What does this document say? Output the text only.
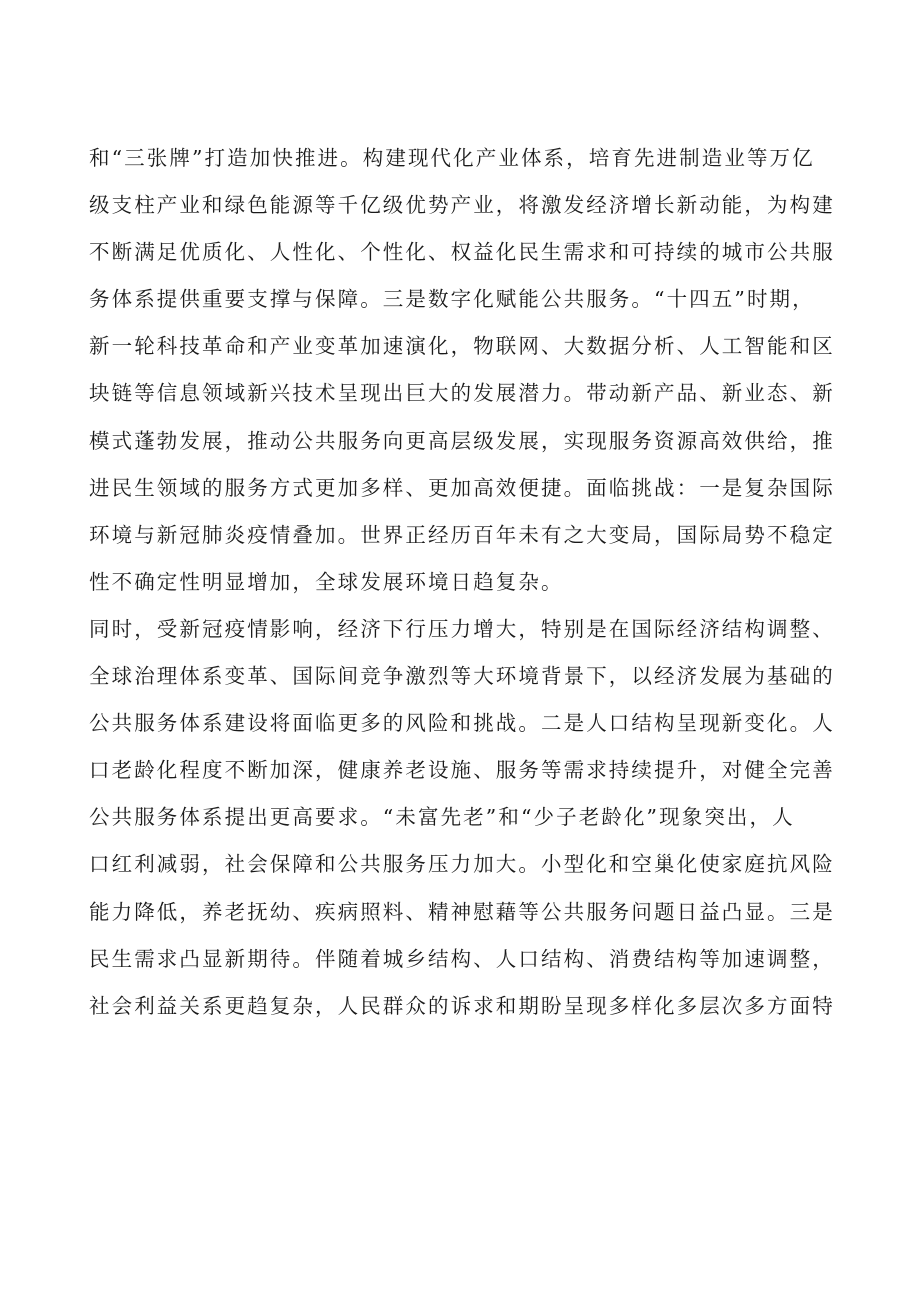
和“三张牌”打造加快推进。构建现代化产业体系，培育先进制造业等万亿
级支柱产业和绿色能源等千亿级优势产业，将激发经济增长新动能，为构建
不断满足优质化、人性化、个性化、权益化民生需求和可持续的城市公共服
务体系提供重要支撑与保障。三是数字化赋能公共服务。“十四五”时期，
新一轮科技革命和产业变革加速演化，物联网、大数据分析、人工智能和区
块链等信息领域新兴技术呈现出巨大的发展潜力。带动新产品、新业态、新
模式蓬勃发展，推动公共服务向更高层级发展，实现服务资源高效供给，推
进民生领域的服务方式更加多样、更加高效便捷。面临挑战：一是复杂国际
环境与新冠肺炎疫情叠加。世界正经历百年未有之大变局，国际局势不稳定
性不确定性明显增加，全球发展环境日趋复杂。
同时，受新冠疫情影响，经济下行压力增大，特别是在国际经济结构调整、
全球治理体系变革、国际间竞争激烈等大环境背景下，以经济发展为基础的
公共服务体系建设将面临更多的风险和挑战。二是人口结构呈现新变化。人
口老龄化程度不断加深，健康养老设施、服务等需求持续提升，对健全完善
公共服务体系提出更高要求。“未富先老”和“少子老龄化”现象突出，人
口红利减弱，社会保障和公共服务压力加大。小型化和空巢化使家庭抗风险
能力降低，养老抚幼、疾病照料、精神慰藉等公共服务问题日益凸显。三是
民生需求凸显新期待。伴随着城乡结构、人口结构、消费结构等加速调整，
社会利益关系更趋复杂，人民群众的诉求和期盼呈现多样化多层次多方面特
